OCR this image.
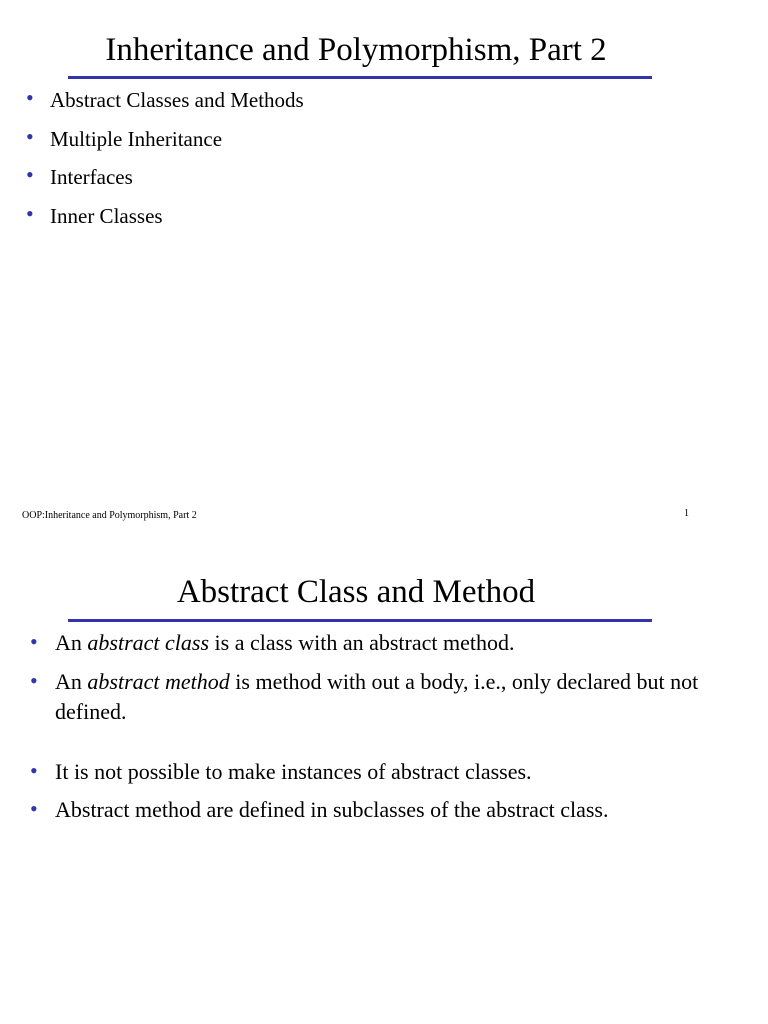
Inheritance and Polymorphism, Part 2
• Abstract Classes and Methods
• Multiple Inheritance
• Interfaces
• Inner Classes
OOP:Inheritance and Polymorphism, Part 2	1
Abstract Class and Method
• An abstract class is a class with an abstract method.
• An abstract method is method with out a body, i.e., only declared but not defined.
• It is not possible to make instances of abstract classes.
• Abstract method are defined in subclasses of the abstract class.
